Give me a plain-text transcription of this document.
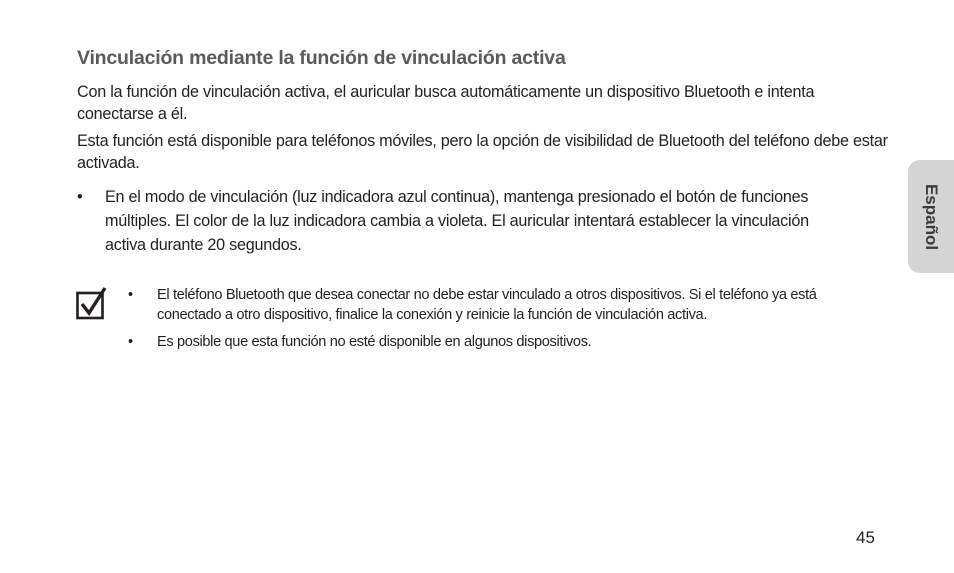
Vinculación mediante la función de vinculación activa
Con la función de vinculación activa, el auricular busca automáticamente un dispositivo Bluetooth e intenta conectarse a él.
Esta función está disponible para teléfonos móviles, pero la opción de visibilidad de Bluetooth del teléfono debe estar activada.
• En el modo de vinculación (luz indicadora azul continua), mantenga presionado el botón de funciones múltiples. El color de la luz indicadora cambia a violeta. El auricular intentará establecer la vinculación activa durante 20 segundos.
• El teléfono Bluetooth que desea conectar no debe estar vinculado a otros dispositivos. Si el teléfono ya está conectado a otro dispositivo, finalice la conexión y reinicie la función de vinculación activa.
• Es posible que esta función no esté disponible en algunos dispositivos.
Español
45
